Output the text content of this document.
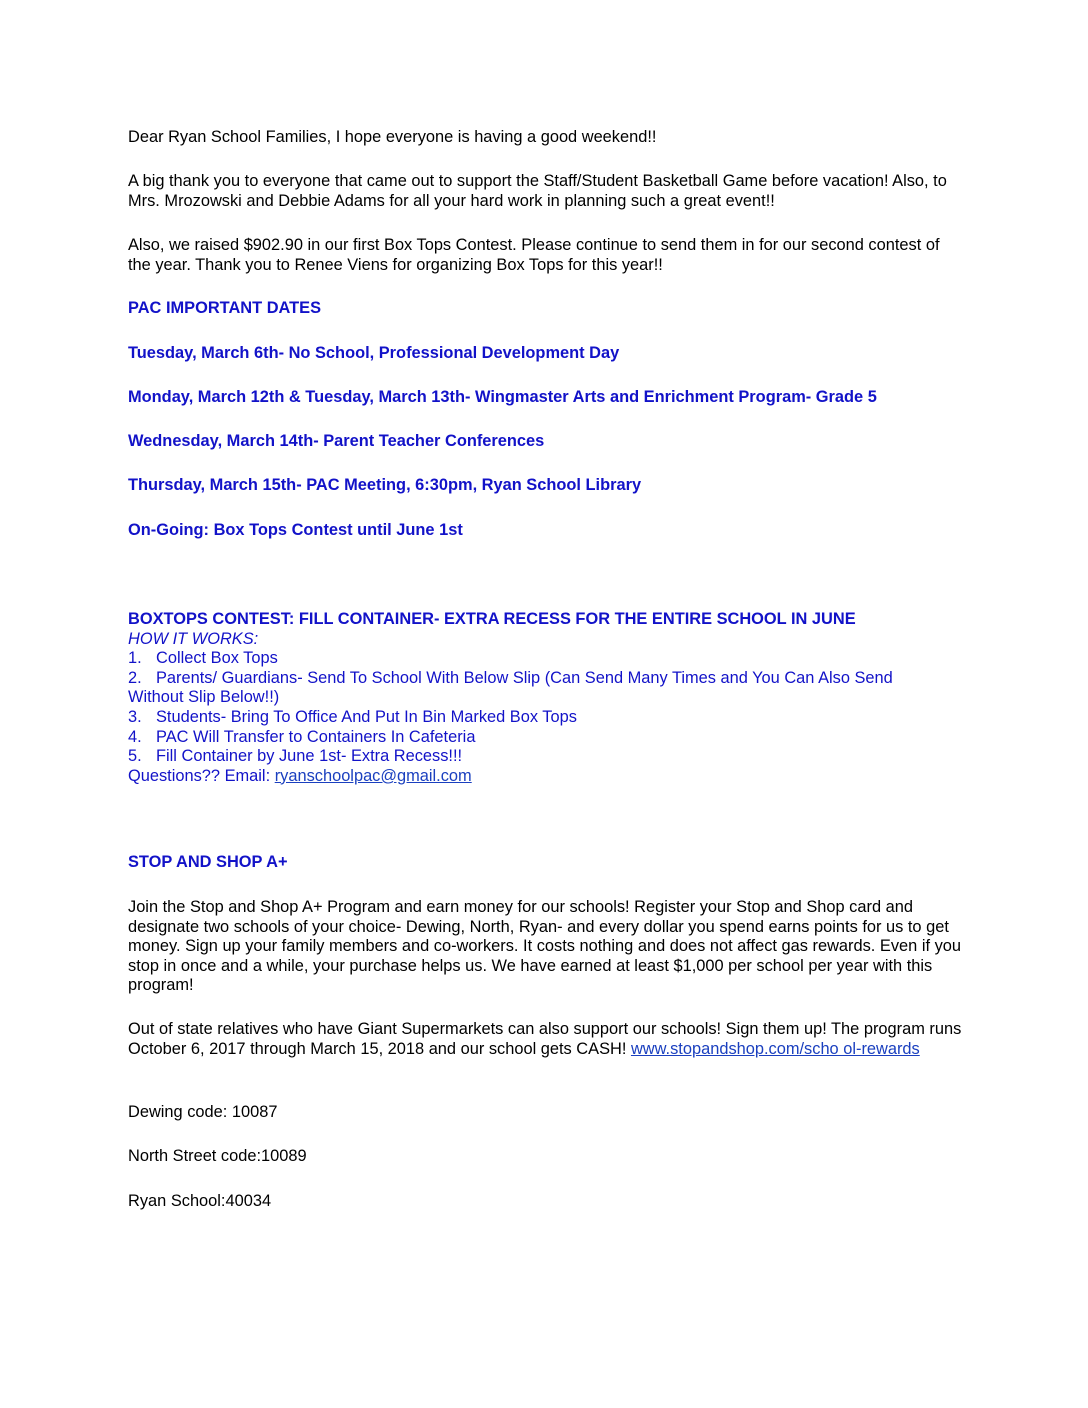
Dear Ryan School Families, I hope everyone is having a good weekend!!

A big thank you to everyone that came out to support the Staff/Student Basketball Game before vacation! Also, to Mrs. Mrozowski and Debbie Adams for all your hard work in planning such a great event!!

Also, we raised $902.90 in our first Box Tops Contest. Please continue to send them in for our second contest of the year. Thank you to Renee Viens for organizing Box Tops for this year!!

PAC IMPORTANT DATES

Tuesday, March 6th- No School, Professional Development Day

Monday, March 12th & Tuesday, March 13th- Wingmaster Arts and Enrichment Program- Grade 5

Wednesday, March 14th- Parent Teacher Conferences

Thursday, March 15th- PAC Meeting, 6:30pm, Ryan School Library

On-Going: Box Tops Contest until June 1st

BOXTOPS CONTEST: FILL CONTAINER- EXTRA RECESS FOR THE ENTIRE SCHOOL IN JUNE
HOW IT WORKS:
1. Collect Box Tops
2. Parents/ Guardians- Send To School With Below Slip (Can Send Many Times and You Can Also Send
Without Slip Below!!)
3. Students- Bring To Office And Put In Bin Marked Box Tops
4. PAC Will Transfer to Containers In Cafeteria
5. Fill Container by June 1st- Extra Recess!!!
Questions?? Email: ryanschoolpac@gmail.com

STOP AND SHOP A+

Join the Stop and Shop A+ Program and earn money for our schools! Register your Stop and Shop card and designate two schools of your choice- Dewing, North, Ryan- and every dollar you spend earns points for us to get money. Sign up your family members and co-workers. It costs nothing and does not affect gas rewards. Even if you stop in once and a while, your purchase helps us. We have earned at least $1,000 per school per year with this program!

Out of state relatives who have Giant Supermarkets can also support our schools! Sign them up! The program runs October 6, 2017 through March 15, 2018 and our school gets CASH! www.stopandshop.com/scho ol-rewards

Dewing code: 10087

North Street code:10089

Ryan School:40034
